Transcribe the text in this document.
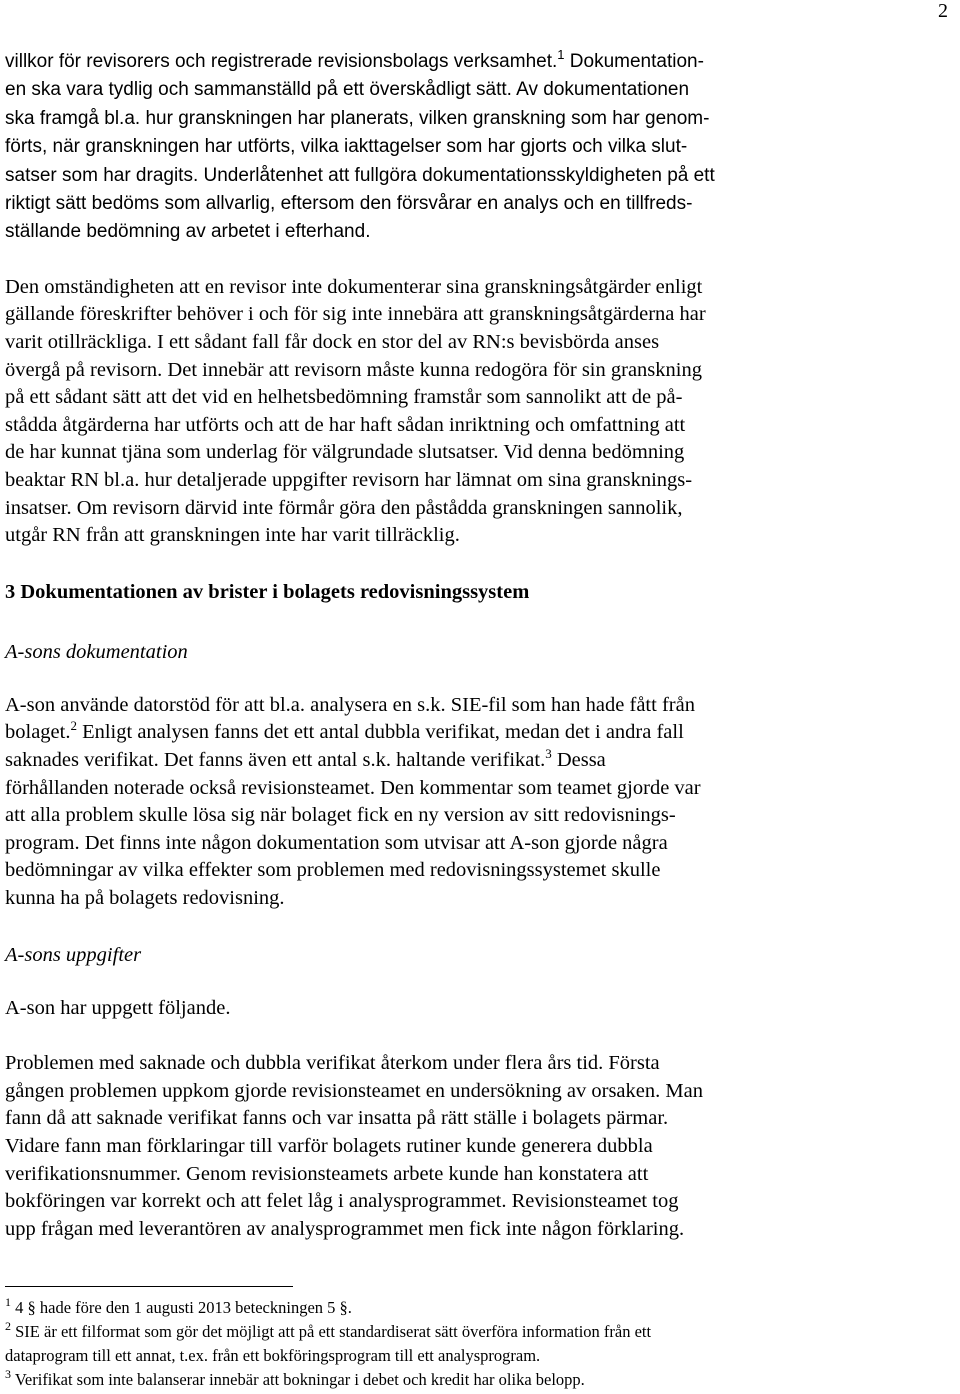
2
villkor för revisorers och registrerade revisionsbolags verksamhet.$^1$ Dokumentation-
en ska vara tydlig och sammanställd på ett överskådligt sätt. Av dokumentationen
ska framgå bl.a. hur granskningen har planerats, vilken granskning som har genom-
förts, när granskningen har utförts, vilka iakttagelser som har gjorts och vilka slut-
satser som har dragits. Underlåtenhet att fullgöra dokumentationsskyldigheten på ett
riktigt sätt bedöms som allvarlig, eftersom den försvårar en analys och en tillfreds-
ställande bedömning av arbetet i efterhand.
Den omständigheten att en revisor inte dokumenterar sina granskningsåtgärder enligt
gällande föreskrifter behöver i och för sig inte innebära att granskningsåtgärderna har
varit otillräckliga. I ett sådant fall får dock en stor del av RN:s bevisbörda anses
övergå på revisorn. Det innebär att revisorn måste kunna redogöra för sin granskning
på ett sådant sätt att det vid en helhetsbedömning framstår som sannolikt att de på-
stådda åtgärderna har utförts och att de har haft sådan inriktning och omfattning att
de har kunnat tjäna som underlag för välgrundade slutsatser. Vid denna bedömning
beaktar RN bl.a. hur detaljerade uppgifter revisorn har lämnat om sina gransknings-
insatser. Om revisorn därvid inte förmår göra den påstådda granskningen sannolik,
utgår RN från att granskningen inte har varit tillräcklig.
3 Dokumentationen av brister i bolagets redovisningssystem
A-sons dokumentation
A-son använde datorstöd för att bl.a. analysera en s.k. SIE-fil som han hade fått från
bolaget.$^2$ Enligt analysen fanns det ett antal dubbla verifikat, medan det i andra fall
saknades verifikat. Det fanns även ett antal s.k. haltande verifikat.$^3$ Dessa
förhållanden noterade också revisionsteamet. Den kommentar som teamet gjorde var
att alla problem skulle lösa sig när bolaget fick en ny version av sitt redovisnings-
program. Det finns inte någon dokumentation som utvisar att A-son gjorde några
bedömningar av vilka effekter som problemen med redovisningssystemet skulle
kunna ha på bolagets redovisning.
A-sons uppgifter
A-son har uppgett följande.
Problemen med saknade och dubbla verifikat återkom under flera års tid. Första
gången problemen uppkom gjorde revisionsteamet en undersökning av orsaken. Man
fann då att saknade verifikat fanns och var insatta på rätt ställe i bolagets pärmar.
Vidare fann man förklaringar till varför bolagets rutiner kunde generera dubbla
verifikationsnummer. Genom revisionsteamets arbete kunde han konstatera att
bokföringen var korrekt och att felet låg i analysprogrammet. Revisionsteamet tog
upp frågan med leverantören av analysprogrammet men fick inte någon förklaring.
$^1$ 4 § hade före den 1 augusti 2013 beteckningen 5 §.
$^2$ SIE är ett filformat som gör det möjligt att på ett standardiserat sätt överföra information från ett
dataprogram till ett annat, t.ex. från ett bokföringsprogram till ett analysprogram.
$^3$ Verifikat som inte balanserar innebär att bokningar i debet och kredit har olika belopp.
